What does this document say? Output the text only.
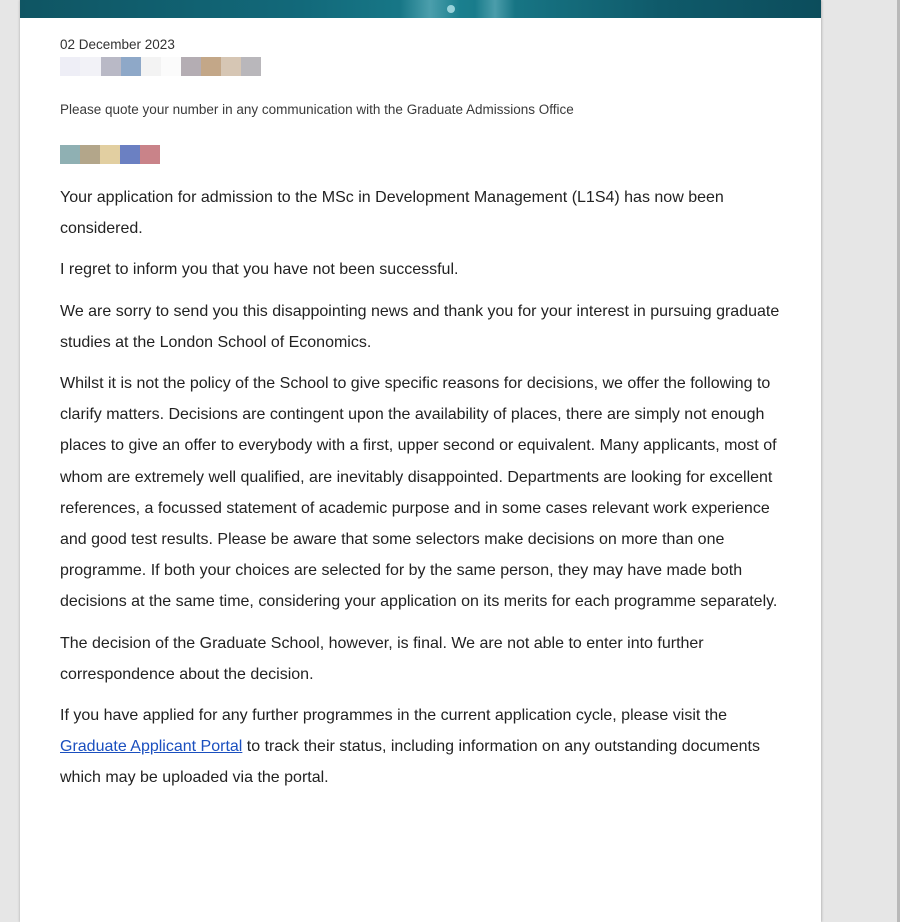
02 December 2023

Please quote your number in any communication with the Graduate Admissions Office

Your application for admission to the MSc in Development Management (L1S4) has now been considered.

I regret to inform you that you have not been successful.

We are sorry to send you this disappointing news and thank you for your interest in pursuing graduate studies at the London School of Economics.

Whilst it is not the policy of the School to give specific reasons for decisions, we offer the following to clarify matters. Decisions are contingent upon the availability of places, there are simply not enough places to give an offer to everybody with a first, upper second or equivalent. Many applicants, most of whom are extremely well qualified, are inevitably disappointed. Departments are looking for excellent references, a focussed statement of academic purpose and in some cases relevant work experience and good test results. Please be aware that some selectors make decisions on more than one programme. If both your choices are selected for by the same person, they may have made both decisions at the same time, considering your application on its merits for each programme separately.

The decision of the Graduate School, however, is final. We are not able to enter into further correspondence about the decision.

If you have applied for any further programmes in the current application cycle, please visit the Graduate Applicant Portal to track their status, including information on any outstanding documents which may be uploaded via the portal.
